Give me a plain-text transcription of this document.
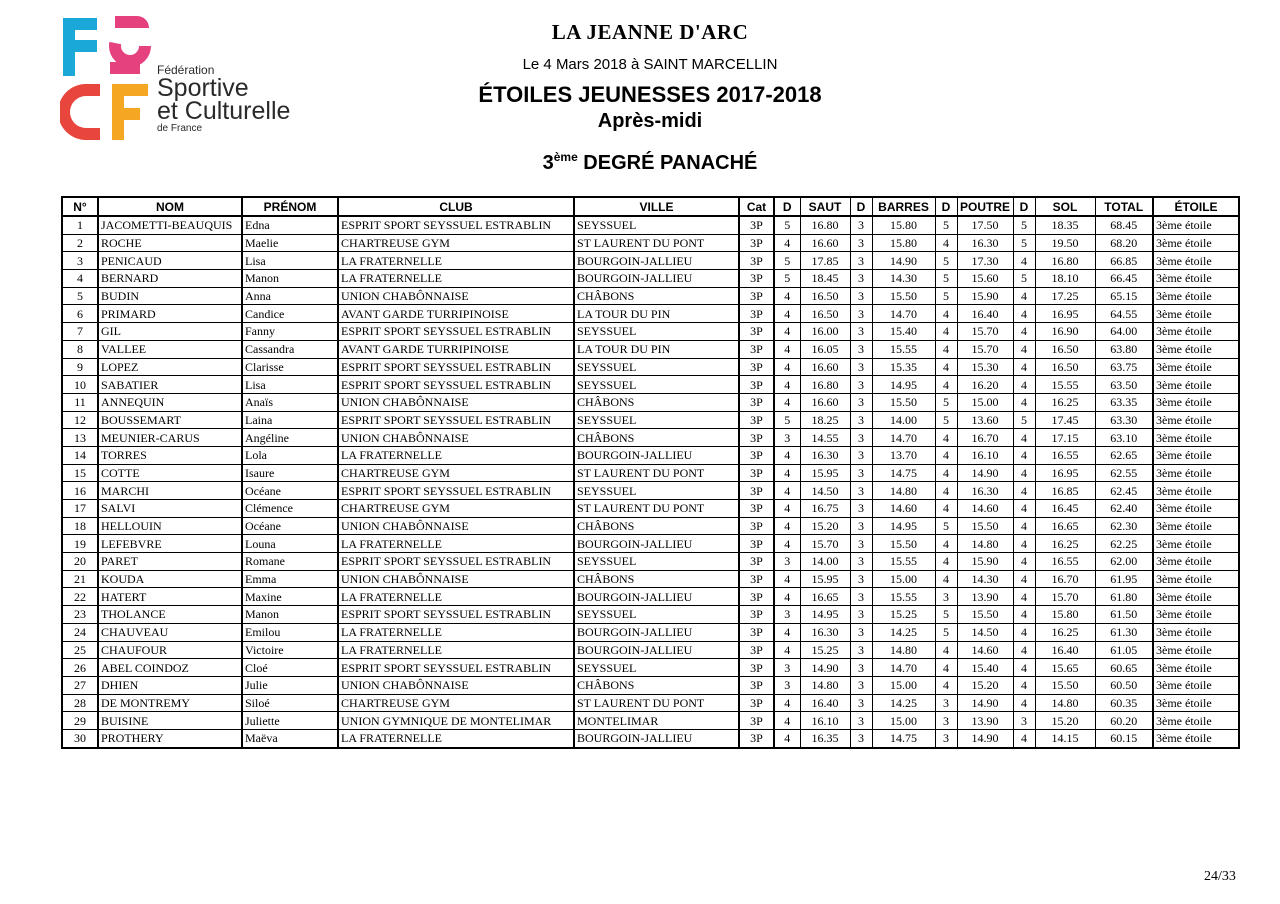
Fédération
Sportive
et Culturelle
de France
LA JEANNE D'ARC
Le 4 Mars 2018 à SAINT MARCELLIN
ÉTOILES JEUNESSES 2017-2018
Après-midi
3ème DEGRÉ PANACHÉ
N°	NOM	PRÉNOM	CLUB	VILLE	Cat	D	SAUT	D	BARRES	D	POUTRE	D	SOL	TOTAL	ÉTOILE
1	JACOMETTI-BEAUQUIS	Edna	ESPRIT SPORT SEYSSUEL ESTRABLIN	SEYSSUEL	3P	5	16.80	3	15.80	5	17.50	5	18.35	68.45	3ème étoile
2	ROCHE	Maelie	CHARTREUSE GYM	ST LAURENT DU PONT	3P	4	16.60	3	15.80	4	16.30	5	19.50	68.20	3ème étoile
3	PENICAUD	Lisa	LA FRATERNELLE	BOURGOIN-JALLIEU	3P	5	17.85	3	14.90	5	17.30	4	16.80	66.85	3ème étoile
4	BERNARD	Manon	LA FRATERNELLE	BOURGOIN-JALLIEU	3P	5	18.45	3	14.30	5	15.60	5	18.10	66.45	3ème étoile
5	BUDIN	Anna	UNION CHABÔNNAISE	CHÂBONS	3P	4	16.50	3	15.50	5	15.90	4	17.25	65.15	3ème étoile
6	PRIMARD	Candice	AVANT GARDE TURRIPINOISE	LA TOUR DU PIN	3P	4	16.50	3	14.70	4	16.40	4	16.95	64.55	3ème étoile
7	GIL	Fanny	ESPRIT SPORT SEYSSUEL ESTRABLIN	SEYSSUEL	3P	4	16.00	3	15.40	4	15.70	4	16.90	64.00	3ème étoile
8	VALLEE	Cassandra	AVANT GARDE TURRIPINOISE	LA TOUR DU PIN	3P	4	16.05	3	15.55	4	15.70	4	16.50	63.80	3ème étoile
9	LOPEZ	Clarisse	ESPRIT SPORT SEYSSUEL ESTRABLIN	SEYSSUEL	3P	4	16.60	3	15.35	4	15.30	4	16.50	63.75	3ème étoile
10	SABATIER	Lisa	ESPRIT SPORT SEYSSUEL ESTRABLIN	SEYSSUEL	3P	4	16.80	3	14.95	4	16.20	4	15.55	63.50	3ème étoile
11	ANNEQUIN	Anaïs	UNION CHABÔNNAISE	CHÂBONS	3P	4	16.60	3	15.50	5	15.00	4	16.25	63.35	3ème étoile
12	BOUSSEMART	Laina	ESPRIT SPORT SEYSSUEL ESTRABLIN	SEYSSUEL	3P	5	18.25	3	14.00	5	13.60	5	17.45	63.30	3ème étoile
13	MEUNIER-CARUS	Angéline	UNION CHABÔNNAISE	CHÂBONS	3P	3	14.55	3	14.70	4	16.70	4	17.15	63.10	3ème étoile
14	TORRES	Lola	LA FRATERNELLE	BOURGOIN-JALLIEU	3P	4	16.30	3	13.70	4	16.10	4	16.55	62.65	3ème étoile
15	COTTE	Isaure	CHARTREUSE GYM	ST LAURENT DU PONT	3P	4	15.95	3	14.75	4	14.90	4	16.95	62.55	3ème étoile
16	MARCHI	Océane	ESPRIT SPORT SEYSSUEL ESTRABLIN	SEYSSUEL	3P	4	14.50	3	14.80	4	16.30	4	16.85	62.45	3ème étoile
17	SALVI	Clémence	CHARTREUSE GYM	ST LAURENT DU PONT	3P	4	16.75	3	14.60	4	14.60	4	16.45	62.40	3ème étoile
18	HELLOUIN	Océane	UNION CHABÔNNAISE	CHÂBONS	3P	4	15.20	3	14.95	5	15.50	4	16.65	62.30	3ème étoile
19	LEFEBVRE	Louna	LA FRATERNELLE	BOURGOIN-JALLIEU	3P	4	15.70	3	15.50	4	14.80	4	16.25	62.25	3ème étoile
20	PARET	Romane	ESPRIT SPORT SEYSSUEL ESTRABLIN	SEYSSUEL	3P	3	14.00	3	15.55	4	15.90	4	16.55	62.00	3ème étoile
21	KOUDA	Emma	UNION CHABÔNNAISE	CHÂBONS	3P	4	15.95	3	15.00	4	14.30	4	16.70	61.95	3ème étoile
22	HATERT	Maxine	LA FRATERNELLE	BOURGOIN-JALLIEU	3P	4	16.65	3	15.55	3	13.90	4	15.70	61.80	3ème étoile
23	THOLANCE	Manon	ESPRIT SPORT SEYSSUEL ESTRABLIN	SEYSSUEL	3P	3	14.95	3	15.25	5	15.50	4	15.80	61.50	3ème étoile
24	CHAUVEAU	Emilou	LA FRATERNELLE	BOURGOIN-JALLIEU	3P	4	16.30	3	14.25	5	14.50	4	16.25	61.30	3ème étoile
25	CHAUFOUR	Victoire	LA FRATERNELLE	BOURGOIN-JALLIEU	3P	4	15.25	3	14.80	4	14.60	4	16.40	61.05	3ème étoile
26	ABEL COINDOZ	Cloé	ESPRIT SPORT SEYSSUEL ESTRABLIN	SEYSSUEL	3P	3	14.90	3	14.70	4	15.40	4	15.65	60.65	3ème étoile
27	DHIEN	Julie	UNION CHABÔNNAISE	CHÂBONS	3P	3	14.80	3	15.00	4	15.20	4	15.50	60.50	3ème étoile
28	DE MONTREMY	Siloé	CHARTREUSE GYM	ST LAURENT DU PONT	3P	4	16.40	3	14.25	3	14.90	4	14.80	60.35	3ème étoile
29	BUISINE	Juliette	UNION GYMNIQUE DE MONTELIMAR	MONTELIMAR	3P	4	16.10	3	15.00	3	13.90	3	15.20	60.20	3ème étoile
30	PROTHERY	Maëva	LA FRATERNELLE	BOURGOIN-JALLIEU	3P	4	16.35	3	14.75	3	14.90	4	14.15	60.15	3ème étoile
24/33
